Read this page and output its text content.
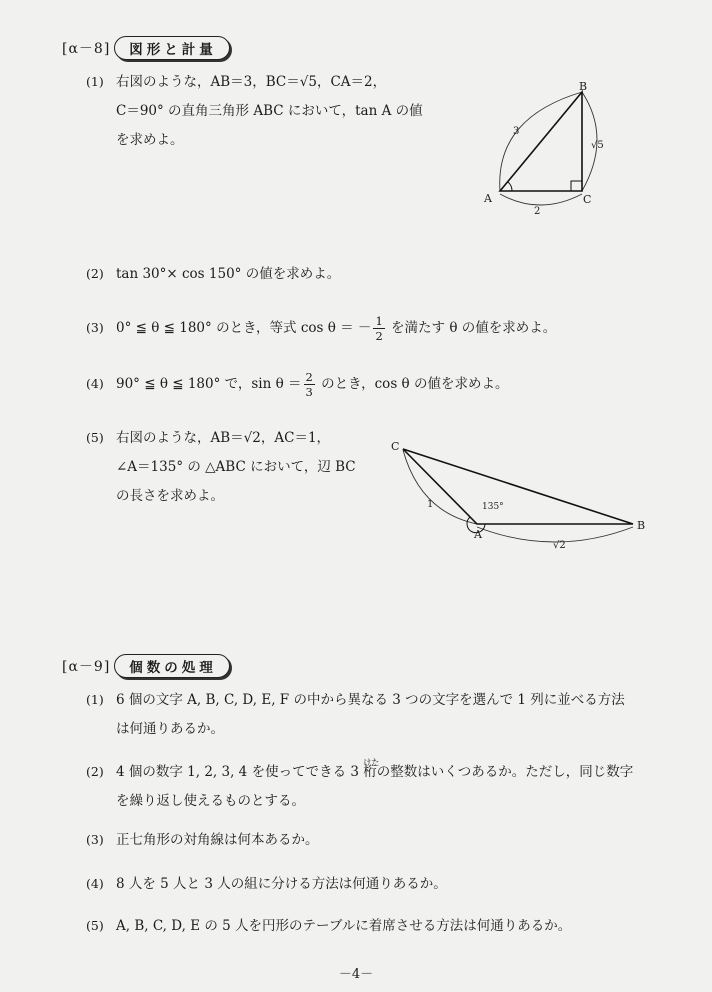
[α－8]	図形と計量
(1) 右図のような，AB＝3，BC＝√5，CA＝2，
C＝90° の直角三角形 ABC において，tan A の値
を求めよ。
B
A	C
3
√5
2
(2) tan 30°× cos 150° の値を求めよ。
(3) 0° ≦ θ ≦ 180° のとき，等式 cos θ ＝ － $\frac{1}{2}$ を満たす θ の値を求めよ。
(4) 90° ≦ θ ≦ 180° で，$\sin \theta = \frac{2}{3}$ のとき，cos θ の値を求めよ。
(5) 右図のような，AB＝√2，AC＝1，
∠A＝135° の △ABC において，辺 BC
の長さを求めよ。
C
A
B
1	135°
√2
[α－9]	個数の処理
(1) 6 個の文字 A, B, C, D, E, F の中から異なる 3 つの文字を選んで 1 列に並べる方法
は何通りあるか。
(2) 4 個の数字 1, 2, 3, 4 を使ってできる 3
けた
桁の整数はいくつあるか。ただし，同じ数字
を繰り返し使えるものとする。
(3) 正七角形の対角線は何本あるか。
(4) 8 人を 5 人と 3 人の組に分ける方法は何通りあるか。
(5) A, B, C, D, E の 5 人を円形のテーブルに着席させる方法は何通りあるか。
－4－
